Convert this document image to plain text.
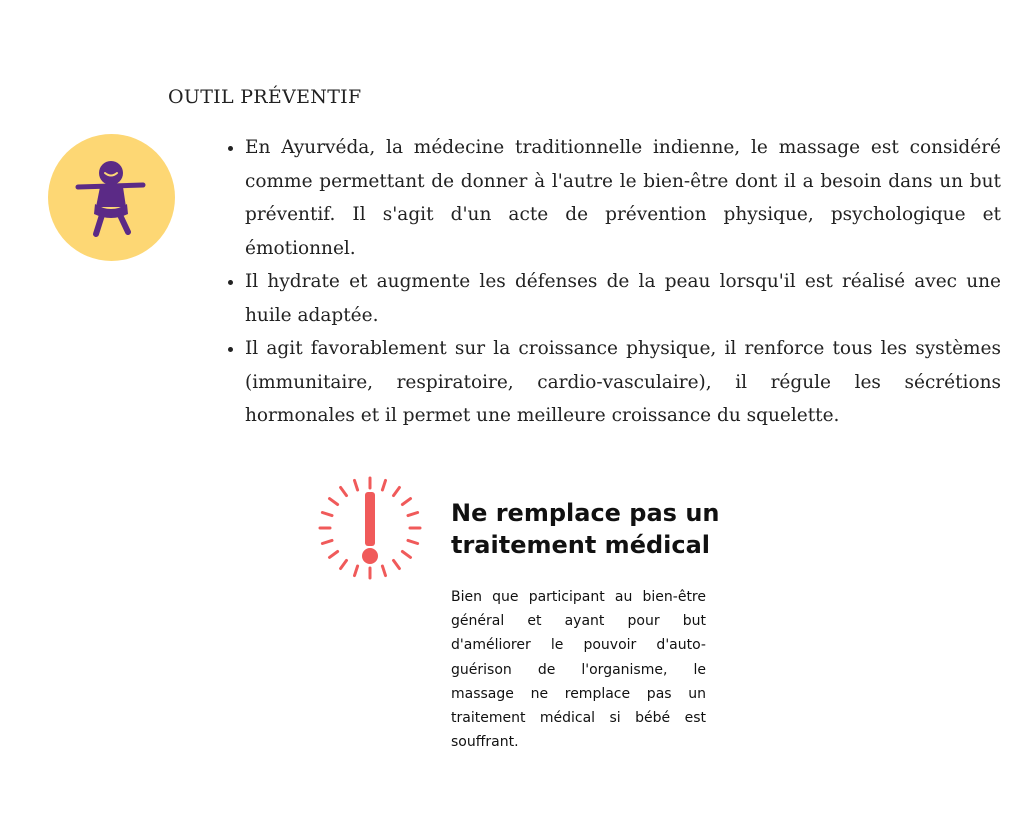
OUTIL PRÉVENTIF
• En Ayurvéda, la médecine traditionnelle indienne, le massage est considéré comme permettant de donner à l'autre le bien-être dont il a besoin dans un but préventif. Il s'agit d'un acte de prévention physique, psychologique et émotionnel.
• Il hydrate et augmente les défenses de la peau lorsqu'il est réalisé avec une huile adaptée.
• Il agit favorablement sur la croissance physique, il renforce tous les systèmes (immunitaire, respiratoire, cardio-vasculaire), il régule les sécrétions hormonales et il permet une meilleure croissance du squelette.
Ne remplace pas un traitement médical

Bien que participant au bien-être général et ayant pour but d'améliorer le pouvoir d'auto-guérison de l'organisme, le massage ne remplace pas un traitement médical si bébé est souffrant.
